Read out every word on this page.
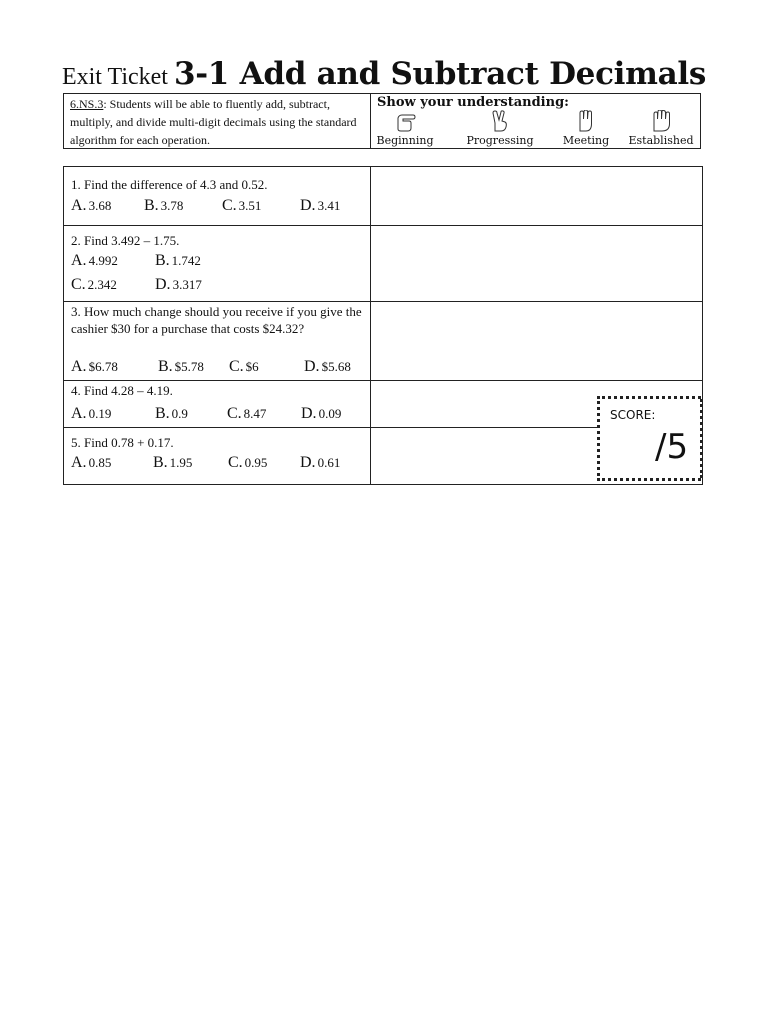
Exit Ticket 3-1 Add and Subtract Decimals
6.NS.3: Students will be able to fluently add, subtract, multiply, and divide multi-digit decimals using the standard algorithm for each operation.
Show your understanding:
Beginning	Progressing	Meeting	Established
1. Find the difference of 4.3 and 0.52.
A. 3.68 B. 3.78 C. 3.51 D. 3.41
2. Find 3.492 – 1.75.
A. 4.992 B. 1.742
C. 2.342 D. 3.317
3. How much change should you receive if you give the cashier $30 for a purchase that costs $24.32?
A. $6.78	B. $5.78 C. $6	D. $5.68
4. Find 4.28 – 4.19.
A. 0.19	B. 0.9 C. 8.47 D. 0.09
5. Find 0.78 + 0.17.
A. 0.85	B. 1.95 C. 0.95 D. 0.61
SCORE:
/5
